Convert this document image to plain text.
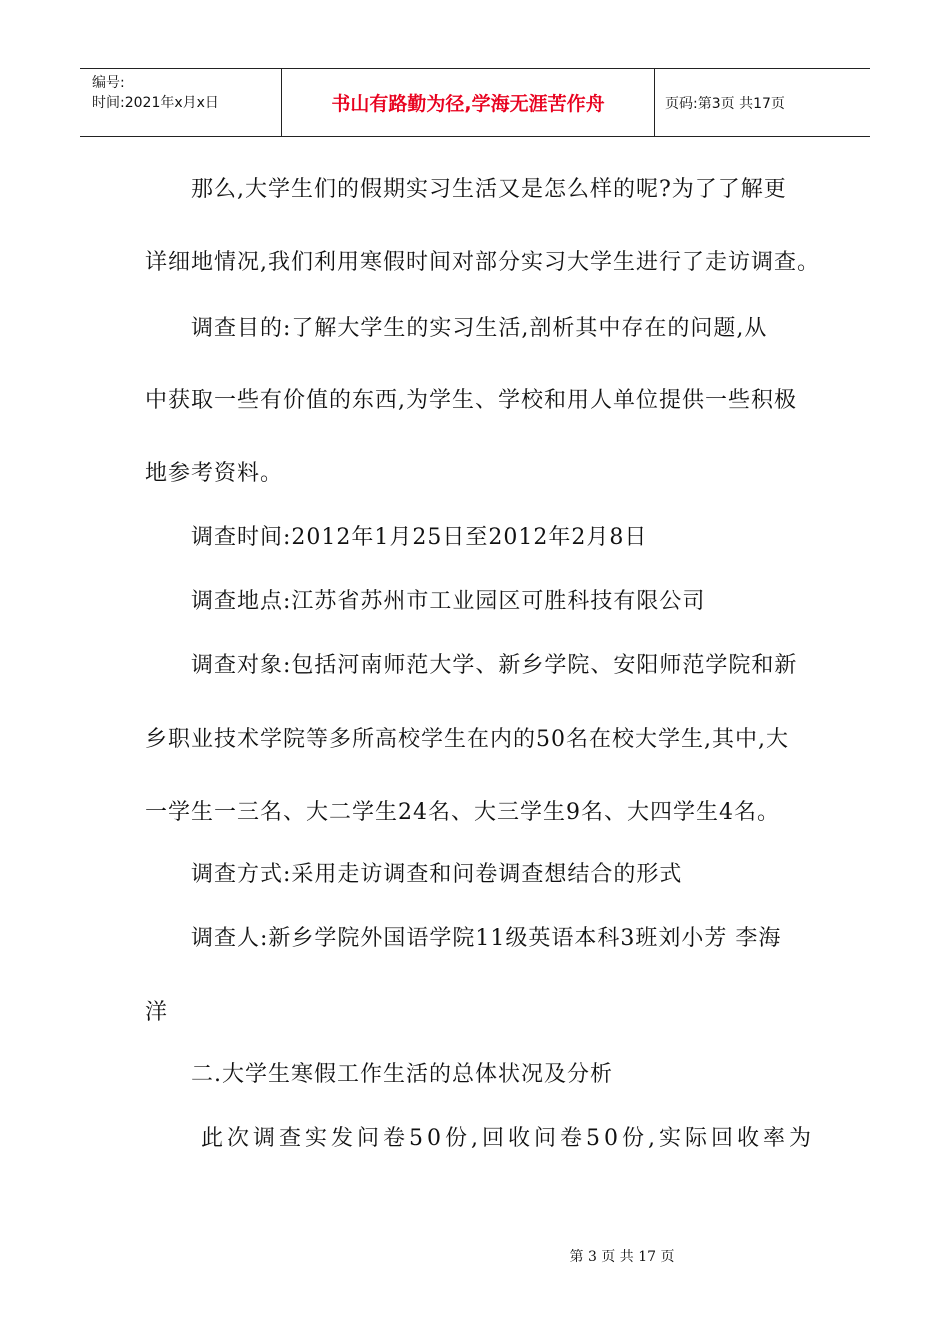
编号:
时间:2021年x月x日	书山有路勤为径,学海无涯苦作舟	页码:第3页 共17页
那么,大学生们的假期实习生活又是怎么样的呢?为了了解更
详细地情况,我们利用寒假时间对部分实习大学生进行了走访调查。
调查目的:了解大学生的实习生活,剖析其中存在的问题,从
中获取一些有价值的东西,为学生、学校和用人单位提供一些积极
地参考资料。
调查时间:2012年1月25日至2012年2月8日
调查地点:江苏省苏州市工业园区可胜科技有限公司
调查对象:包括河南师范大学、新乡学院、安阳师范学院和新
乡职业技术学院等多所高校学生在内的50名在校大学生,其中,大
一学生一三名、大二学生24名、大三学生9名、大四学生4名。
调查方式:采用走访调查和问卷调查想结合的形式
调查人:新乡学院外国语学院11级英语本科3班刘小芳 李海
洋
二.大学生寒假工作生活的总体状况及分析
此次调查实发问卷50份,回收问卷50份,实际回收率为
第 3 页 共 17 页
